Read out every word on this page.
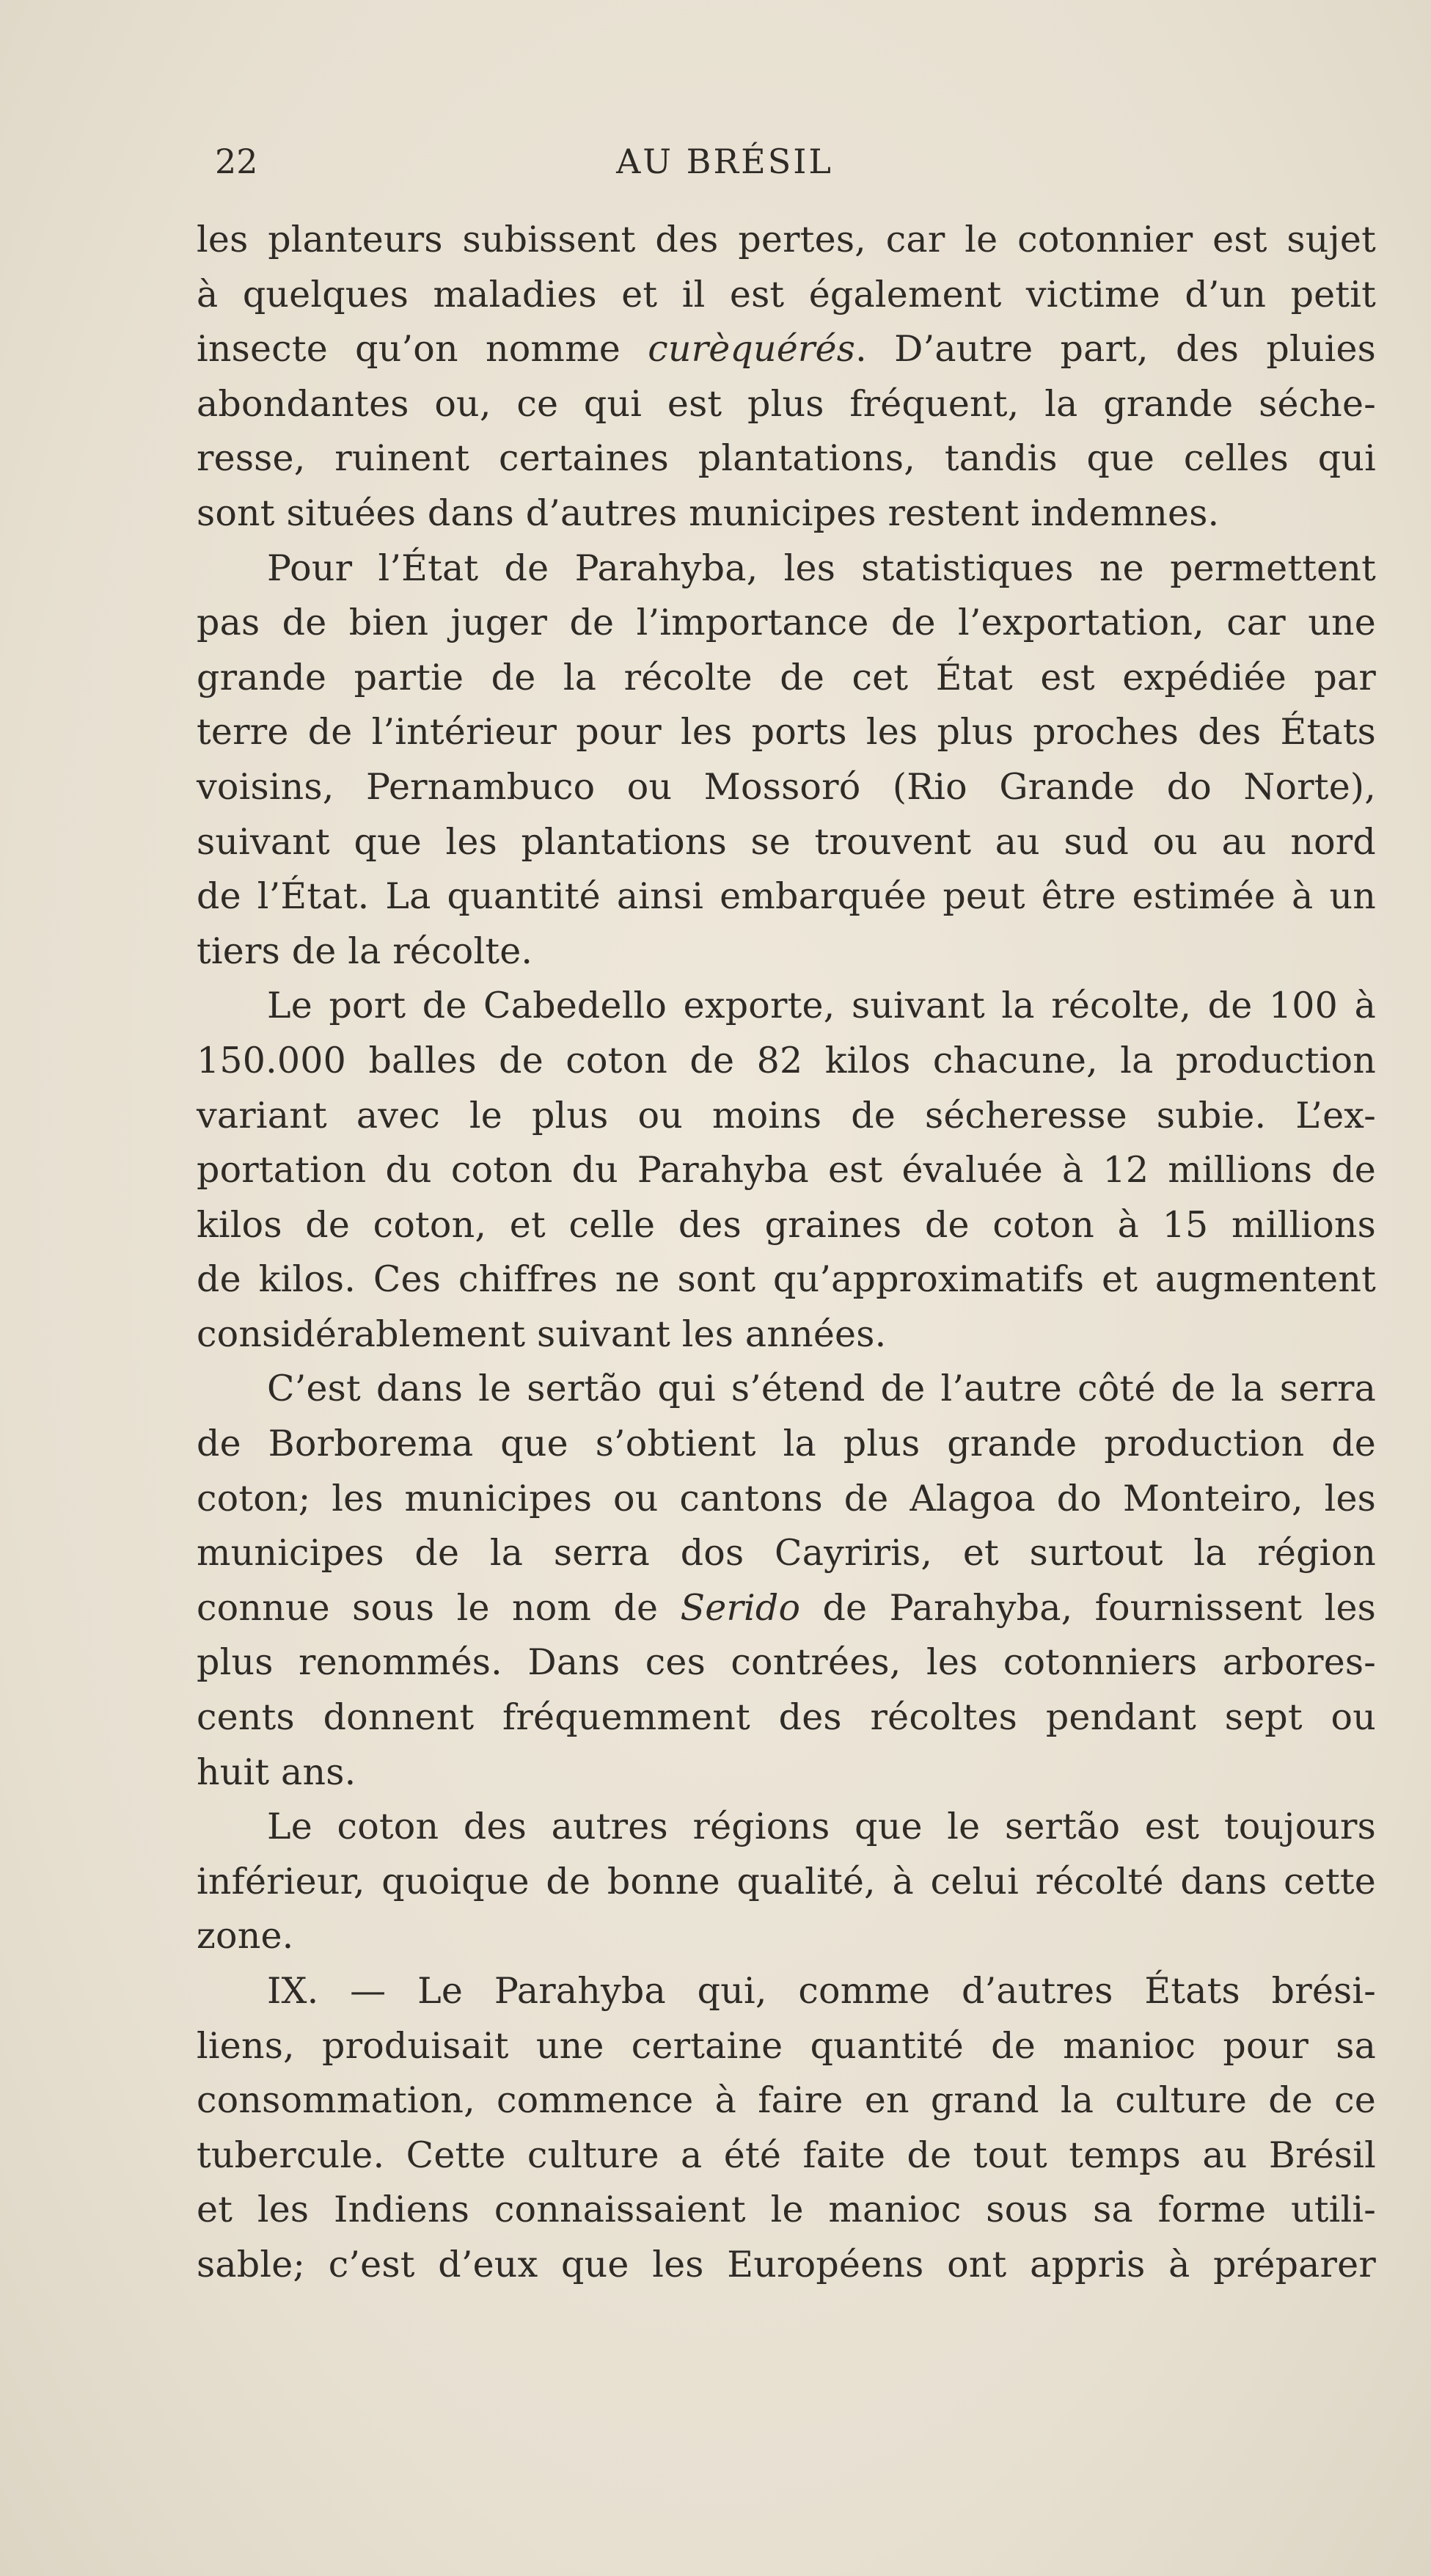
22	AU BRÉSIL
les planteurs subissent des pertes, car le cotonnier est sujet
à quelques maladies et il est également victime d’un petit
insecte qu’on nomme curèquérés. D’autre part, des pluies
abondantes ou, ce qui est plus fréquent, la grande séche-
resse, ruinent certaines plantations, tandis que celles qui
sont situées dans d’autres municipes restent indemnes.
Pour l’État de Parahyba, les statistiques ne permettent
pas de bien juger de l’importance de l’exportation, car une
grande partie de la récolte de cet État est expédiée par
terre de l’intérieur pour les ports les plus proches des États
voisins, Pernambuco ou Mossoró (Rio Grande do Norte),
suivant que les plantations se trouvent au sud ou au nord
de l’État. La quantité ainsi embarquée peut être estimée à un
tiers de la récolte.
Le port de Cabedello exporte, suivant la récolte, de 100 à
150.000 balles de coton de 82 kilos chacune, la production
variant avec le plus ou moins de sécheresse subie. L’ex-
portation du coton du Parahyba est évaluée à 12 millions de
kilos de coton, et celle des graines de coton à 15 millions
de kilos. Ces chiffres ne sont qu’approximatifs et augmentent
considérablement suivant les années.
C’est dans le sertão qui s’étend de l’autre côté de la serra
de Borborema que s’obtient la plus grande production de
coton; les municipes ou cantons de Alagoa do Monteiro, les
municipes de la serra dos Cayriris, et surtout la région
connue sous le nom de Serido de Parahyba, fournissent les
plus renommés. Dans ces contrées, les cotonniers arbores-
cents donnent fréquemment des récoltes pendant sept ou
huit ans.
Le coton des autres régions que le sertão est toujours
inférieur, quoique de bonne qualité, à celui récolté dans cette
zone.
IX. — Le Parahyba qui, comme d’autres États brési-
liens, produisait une certaine quantité de manioc pour sa
consommation, commence à faire en grand la culture de ce
tubercule. Cette culture a été faite de tout temps au Brésil
et les Indiens connaissaient le manioc sous sa forme utili-
sable; c’est d’eux que les Européens ont appris à préparer
